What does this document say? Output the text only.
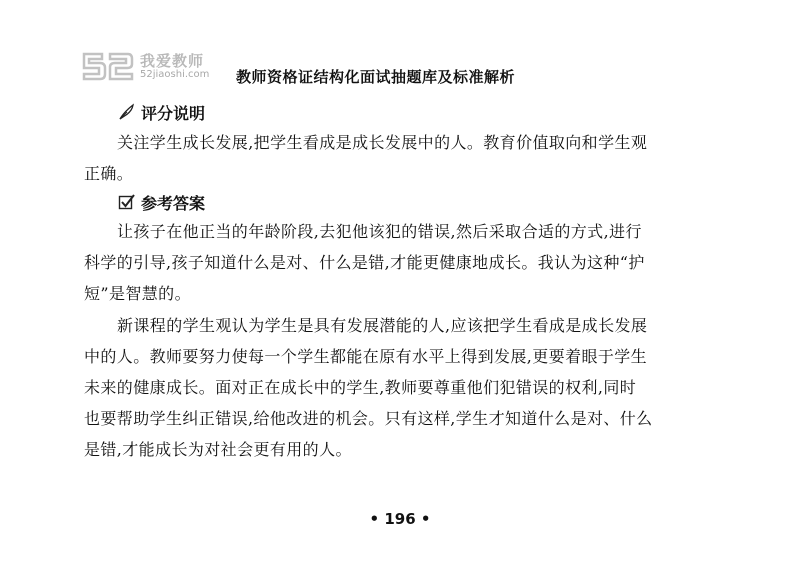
我爱教师
52jiaoshi.com 教师资格证结构化面试抽题库及标准解析
评分说明
关注学生成长发展,把学生看成是成长发展中的人。教育价值取向和学生观
正确。
参考答案
让孩子在他正当的年龄阶段,去犯他该犯的错误,然后采取合适的方式,进行
科学的引导,孩子知道什么是对、什么是错,才能更健康地成长。我认为这种“护
短”是智慧的。
新课程的学生观认为学生是具有发展潜能的人,应该把学生看成是成长发展
中的人。教师要努力使每一个学生都能在原有水平上得到发展,更要着眼于学生
未来的健康成长。面对正在成长中的学生,教师要尊重他们犯错误的权利,同时
也要帮助学生纠正错误,给他改进的机会。只有这样,学生才知道什么是对、什么
是错,才能成长为对社会更有用的人。
• 196 •
